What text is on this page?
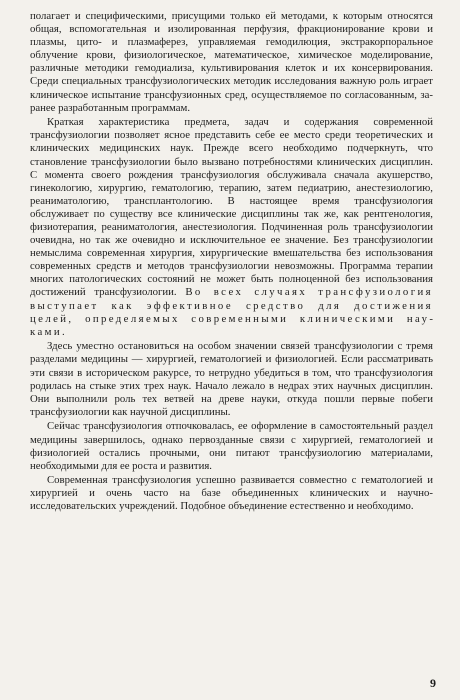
полагает и специфическими, присущими только ей методами, к которым относятся общая, вспомогательная и изолированная перфузия, фракционирование крови и плазмы, цито- и плазмаферез, управляемая гемодилюция, экстракорпоральное облучение крови, физиологическое, математическое, химическое моделирование, различные методики гемодиализа, культивирования клеток и их консервирования. Среди специальных трансфузиологических методик исследования важную роль играет клиническое испытание трансфузионных сред, осуществляемое по согласованным, заранее разработанным программам.

Краткая характеристика предмета, задач и содержания современной трансфузиологии позволяет ясное представить себе ее место среди теоретических и клинических медицинских наук. Прежде всего необходимо подчеркнуть, что становление трансфузиологии было вызвано потребностями клинических дисциплин. С момента своего рождения трансфузиология обслуживала сначала акушерство, гинекологию, хирургию, гематологию, терапию, затем педиатрию, анестезиологию, реаниматологию, трансплантологию. В настоящее время трансфузиология обслуживает по существу все клинические дисциплины так же, как рентгенология, физиотерапия, реаниматология, анестезиология. Подчиненная роль трансфузиологии очевидна, но так же очевидно и исключительное ее значение. Без трансфузиологии немыслима современная хирургия, хирургические вмешательства без использования современных средств и методов трансфузиологии невозможны. Программа терапии многих патологических состояний не может быть полноценной без использования достижений трансфузиологии. Во всех случаях трансфузиология выступает как эффективное средство для достижения целей, определяемых современными клиническими науками.

Здесь уместно остановиться на особом значении связей трансфузиологии с тремя разделами медицины — хирургией, гематологией и физиологией. Если рассматривать эти связи в историческом ракурсе, то нетрудно убедиться в том, что трансфузиология родилась на стыке этих трех наук. Начало лежало в недрах этих научных дисциплин. Они выполнили роль тех ветвей на древе науки, откуда пошли первые побеги трансфузиологии как научной дисциплины.

Сейчас трансфузиология отпочковалась, ее оформление в самостоятельный раздел медицины завершилось, однако первозданные связи с хирургией, гематологией и физиологией остались прочными, они питают трансфузиологию материалами, необходимыми для ее роста и развития.

Современная трансфузиология успешно развивается совместно с гематологией и хирургией и очень часто на базе объединенных клинических и научно-исследовательских учреждений. Подобное объединение естественно и необходимо.

9
